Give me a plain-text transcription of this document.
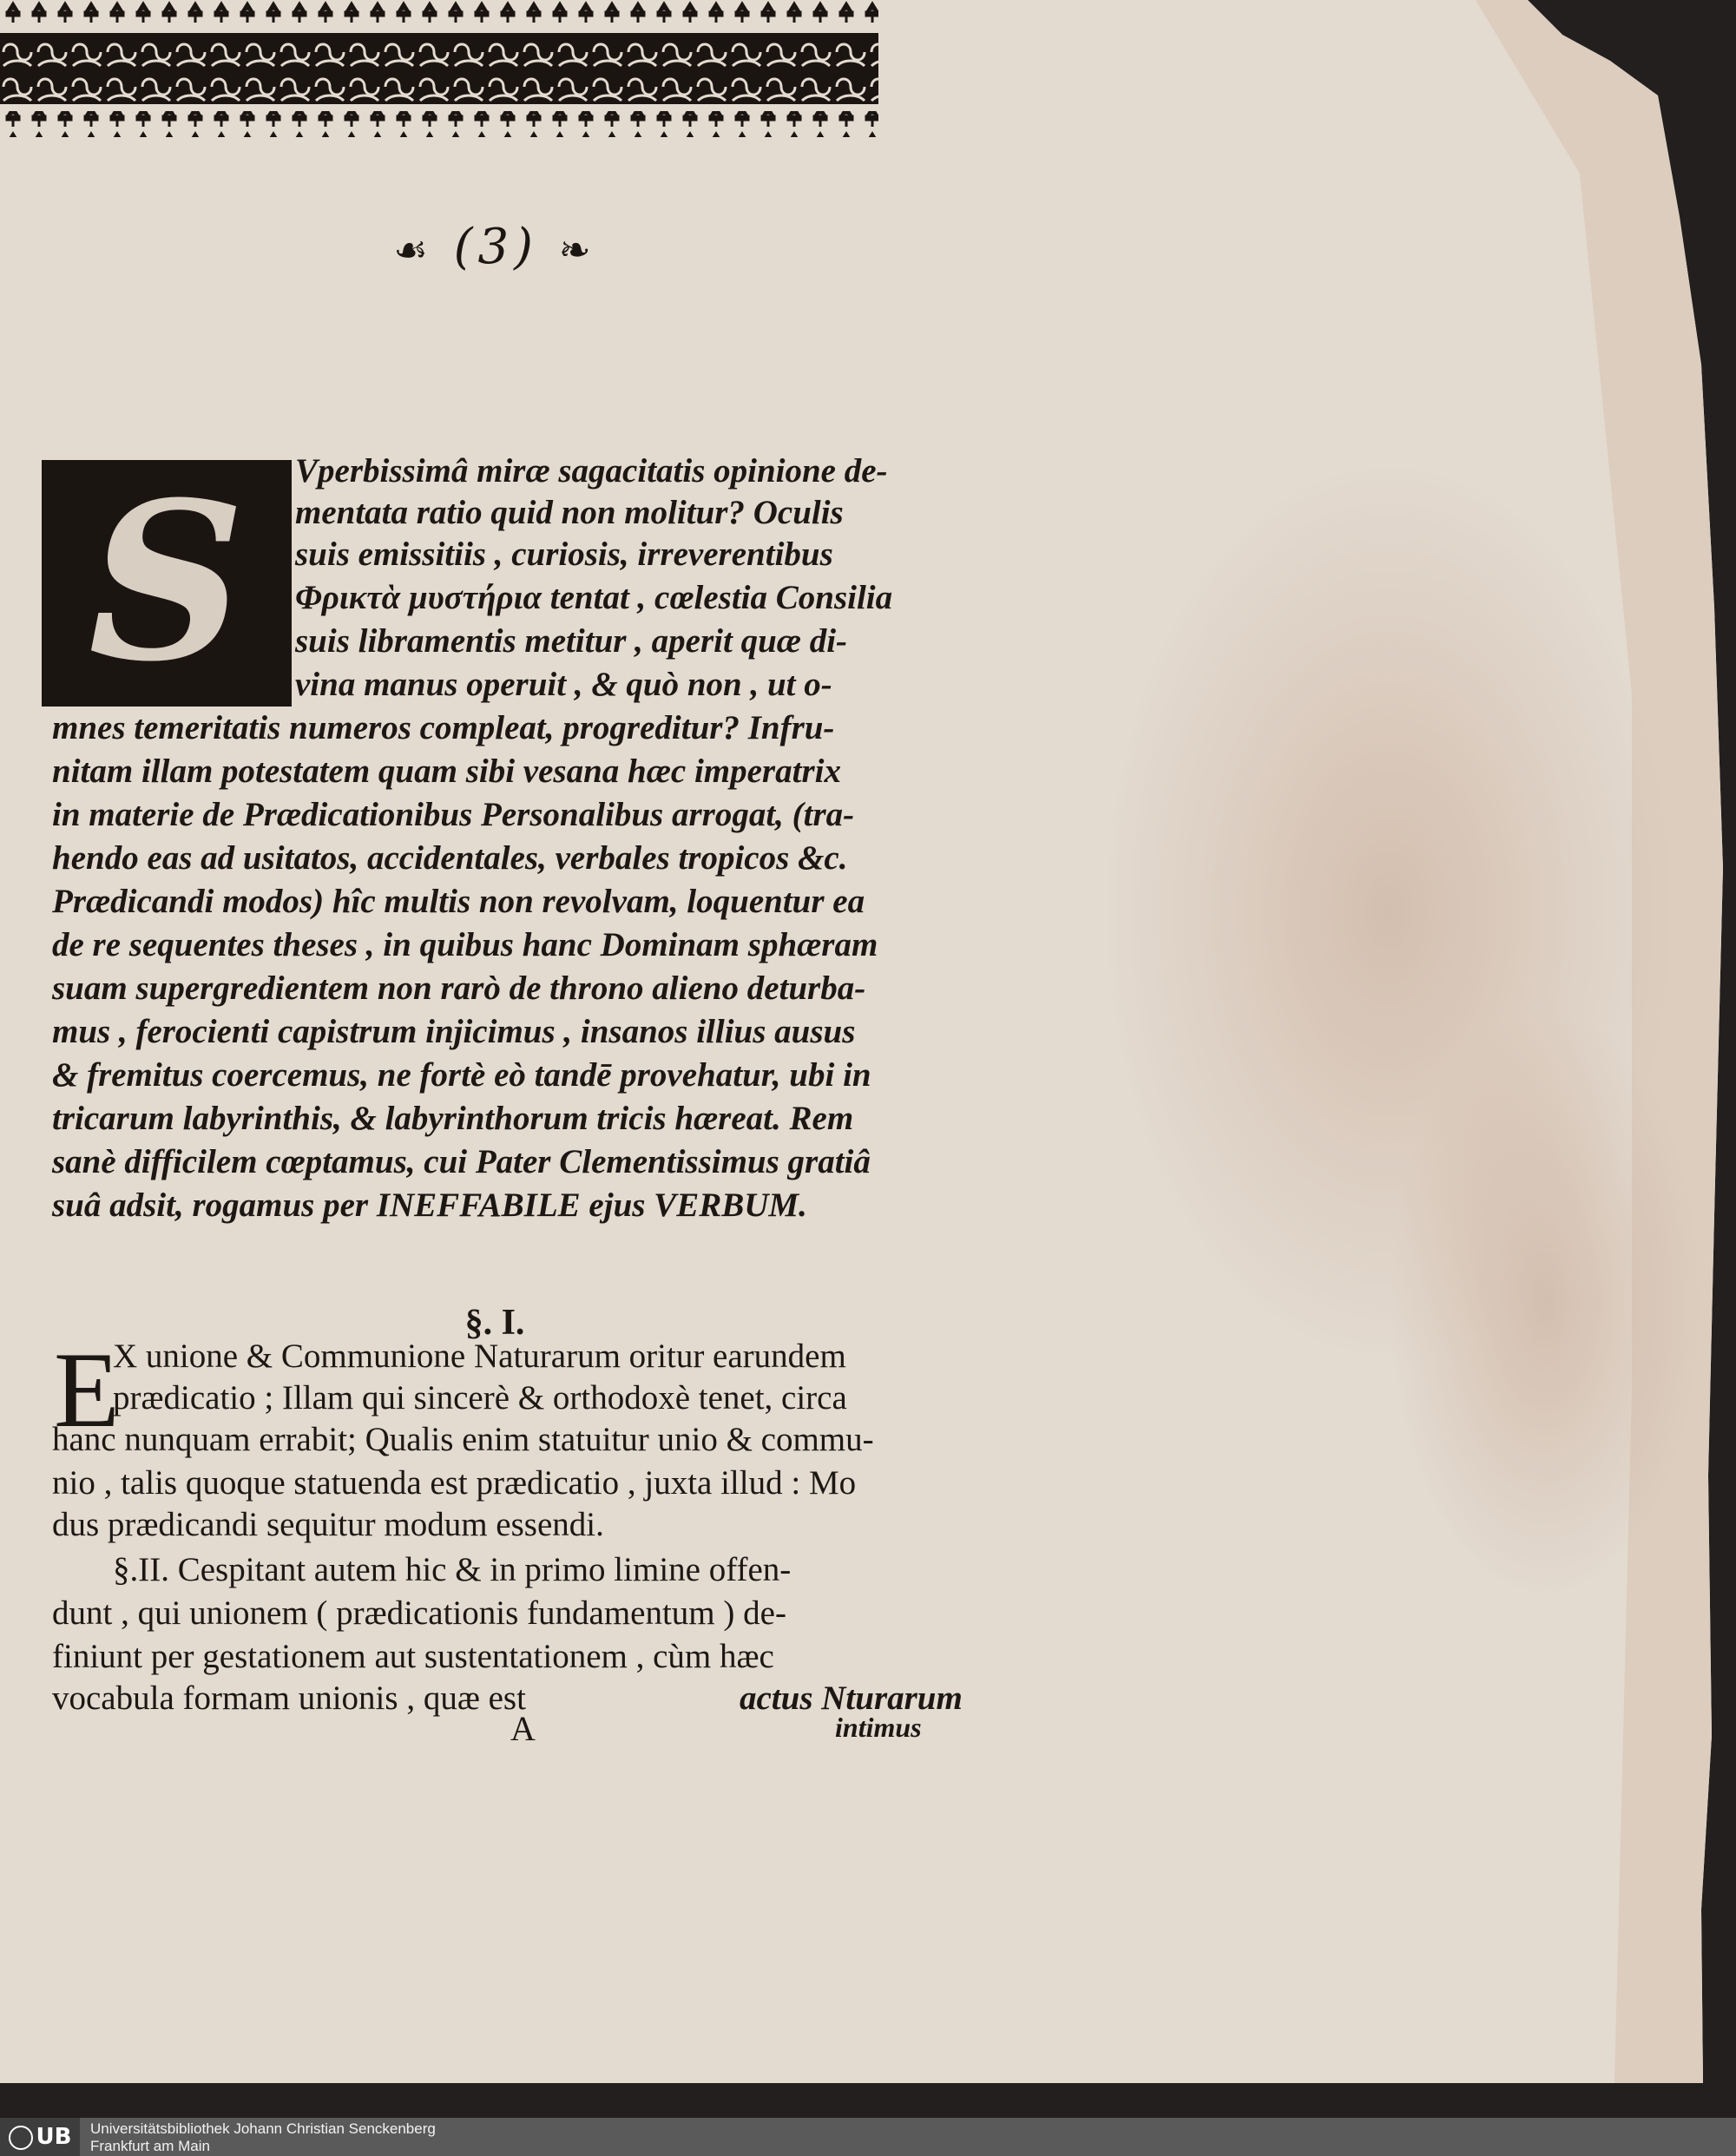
☙ (3) ❧
S	Vperbissimâ miræ sagacitatis opinione de-
mentata ratio quid non molitur? Oculis
suis emissitiis , curiosis, irreverentibus
Φρικτὰ μυστήρια tentat , cœlestia Consilia
suis libramentis metitur , aperit quæ di-
vina manus operuit , & quò non , ut o-
mnes temeritatis numeros compleat, progreditur? Infru-
nitam illam potestatem quam sibi vesana hæc imperatrix
in materie de Prædicationibus Personalibus arrogat, (tra-
hendo eas ad usitatos, accidentales, verbales tropicos &c.
Prædicandi modos) hîc multis non revolvam, loquentur ea
de re sequentes theses , in quibus hanc Dominam sphæram
suam supergredientem non rarò de throno alieno deturba-
mus , ferocienti capistrum injicimus , insanos illius ausus
& fremitus coercemus, ne fortè eò tandē provehatur, ubi in
tricarum labyrinthis, & labyrinthorum tricis hæreat. Rem
sanè difficilem cœptamus, cui Pater Clementissimus gratiâ
suâ adsit, rogamus per INEFFABILE ejus VERBUM.
§. I.
E
X unione & Communione Naturarum oritur earundem
prædicatio ; Illam qui sincerè & orthodoxè tenet, circa
hanc nunquam errabit; Qualis enim statuitur unio & commu-
nio , talis quoque statuenda est prædicatio , juxta illud : Mo
dus prædicandi sequitur modum essendi.
§.II. Cespitant autem hic & in primo limine offen-
dunt , qui unionem ( prædicationis fundamentum ) de-
finiunt per gestationem aut sustentationem , cùm hæc
vocabula formam unionis , quæ est	actus Nturarum
A	intimus
UB	Universitätsbibliothek Johann Christian Senckenberg
Frankfurt am Main
